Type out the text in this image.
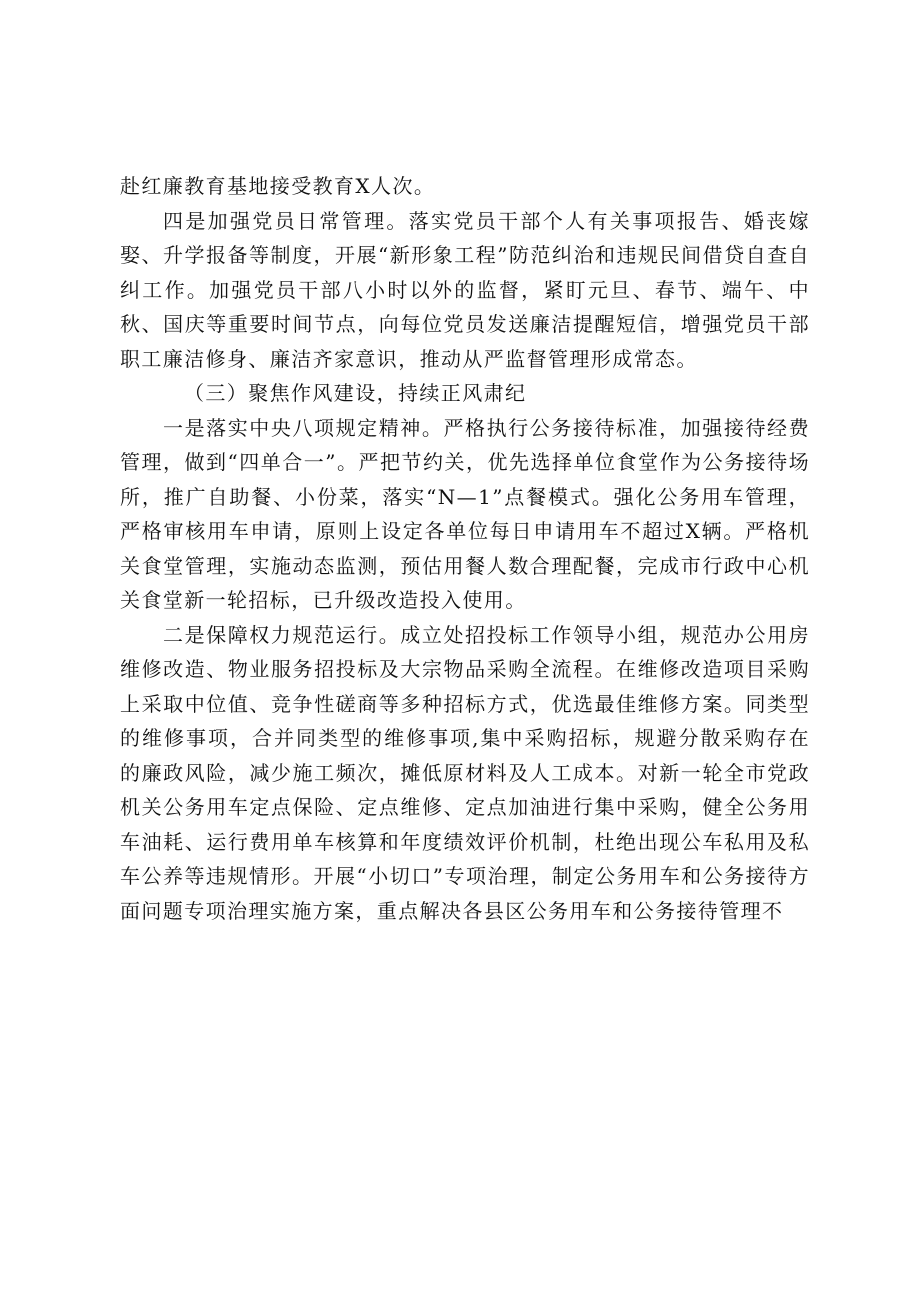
赴红廉教育基地接受教育X人次。

四是加强党员日常管理。落实党员干部个人有关事项报告、婚丧嫁娶、升学报备等制度，开展“新形象工程”防范纠治和违规民间借贷自查自纠工作。加强党员干部八小时以外的监督，紧盯元旦、春节、端午、中秋、国庆等重要时间节点，向每位党员发送廉洁提醒短信，增强党员干部职工廉洁修身、廉洁齐家意识，推动从严监督管理形成常态。

（三）聚焦作风建设，持续正风肃纪

一是落实中央八项规定精神。严格执行公务接待标准，加强接待经费管理，做到“四单合一”。严把节约关，优先选择单位食堂作为公务接待场所，推广自助餐、小份菜，落实“N—1”点餐模式。强化公务用车管理，严格审核用车申请，原则上设定各单位每日申请用车不超过X辆。严格机关食堂管理，实施动态监测，预估用餐人数合理配餐，完成市行政中心机关食堂新一轮招标，已升级改造投入使用。

二是保障权力规范运行。成立处招投标工作领导小组，规范办公用房维修改造、物业服务招投标及大宗物品采购全流程。在维修改造项目采购上采取中位值、竞争性磋商等多种招标方式，优选最佳维修方案。同类型的维修事项，合并同类型的维修事项,集中采购招标，规避分散采购存在的廉政风险，减少施工频次，摊低原材料及人工成本。对新一轮全市党政机关公务用车定点保险、定点维修、定点加油进行集中采购，健全公务用车油耗、运行费用单车核算和年度绩效评价机制，杜绝出现公车私用及私车公养等违规情形。开展“小切口”专项治理，制定公务用车和公务接待方面问题专项治理实施方案，重点解决各县区公务用车和公务接待管理不
